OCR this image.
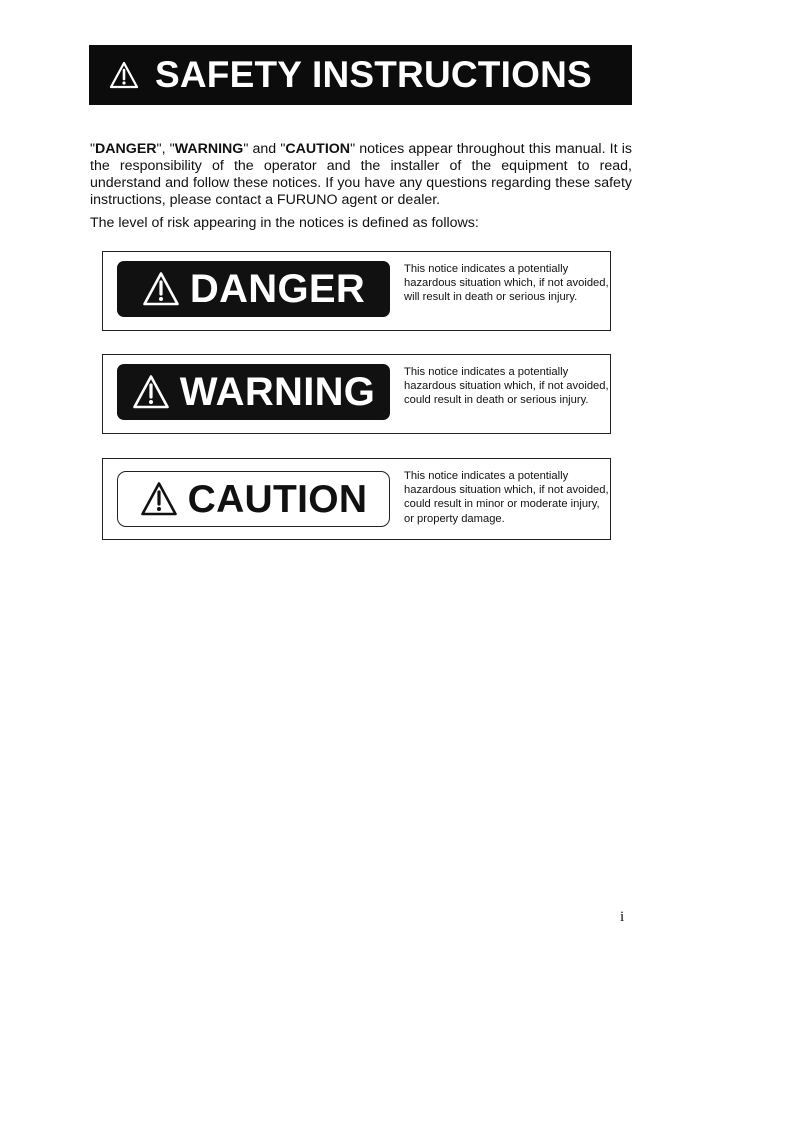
SAFETY INSTRUCTIONS

"DANGER", "WARNING" and "CAUTION" notices appear throughout this manual. It is the responsibility of the operator and the installer of the equipment to read, understand and follow these notices. If you have any questions regarding these safety instructions, please contact a FURUNO agent or dealer.

The level of risk appearing in the notices is defined as follows:

DANGER	This notice indicates a potentially hazardous situation which, if not avoided, will result in death or serious injury.

WARNING	This notice indicates a potentially hazardous situation which, if not avoided, could result in death or serious injury.

CAUTION

This notice indicates a potentially hazardous situation which, if not avoided, could result in minor or moderate injury, or property damage.

i
